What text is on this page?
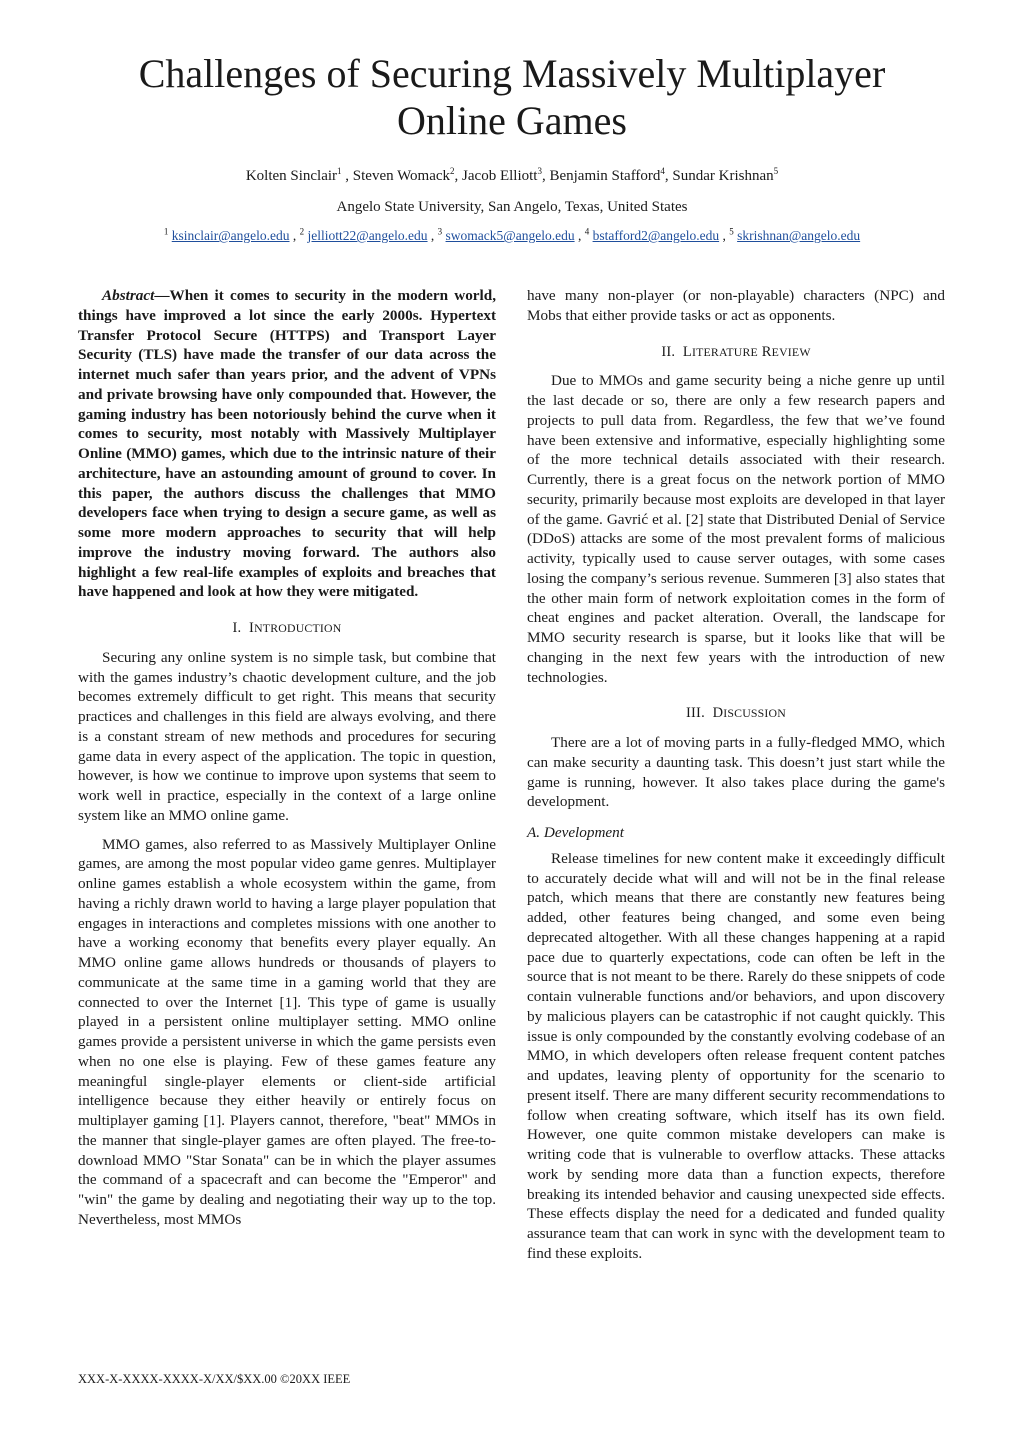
Challenges of Securing Massively Multiplayer Online Games
Kolten Sinclair$^1$ , Steven Womack$^2$, Jacob Elliott$^3$, Benjamin Stafford$^4$, Sundar Krishnan$^5$
Angelo State University, San Angelo, Texas, United States
$^1$ ksinclair@angelo.edu , $^2$ jelliott22@angelo.edu , $^3$ swomack5@angelo.edu , $^4$ bstafford2@angelo.edu , $^5$ skrishnan@angelo.edu

Abstract—When it comes to security in the modern world, things have improved a lot since the early 2000s. Hypertext Transfer Protocol Secure (HTTPS) and Transport Layer Security (TLS) have made the transfer of our data across the internet much safer than years prior, and the advent of VPNs and private browsing have only compounded that. However, the gaming industry has been notoriously behind the curve when it comes to security, most notably with Massively Multiplayer Online (MMO) games, which due to the intrinsic nature of their architecture, have an astounding amount of ground to cover. In this paper, the authors discuss the challenges that MMO developers face when trying to design a secure game, as well as some more modern approaches to security that will help improve the industry moving forward. The authors also highlight a few real-life examples of exploits and breaches that have happened and look at how they were mitigated.

I. INTRODUCTION

Securing any online system is no simple task, but combine that with the games industry’s chaotic development culture, and the job becomes extremely difficult to get right. This means that security practices and challenges in this field are always evolving, and there is a constant stream of new methods and procedures for securing game data in every aspect of the application. The topic in question, however, is how we continue to improve upon systems that seem to work well in practice, especially in the context of a large online system like an MMO online game.

MMO games, also referred to as Massively Multiplayer Online games, are among the most popular video game genres. Multiplayer online games establish a whole ecosystem within the game, from having a richly drawn world to having a large player population that engages in interactions and completes missions with one another to have a working economy that benefits every player equally. An MMO online game allows hundreds or thousands of players to communicate at the same time in a gaming world that they are connected to over the Internet [1]. This type of game is usually played in a persistent online multiplayer setting. MMO online games provide a persistent universe in which the game persists even when no one else is playing. Few of these games feature any meaningful single-player elements or client-side artificial intelligence because they either heavily or entirely focus on multiplayer gaming [1]. Players cannot, therefore, "beat" MMOs in the manner that single-player games are often played. The free-to-download MMO "Star Sonata" can be in which the player assumes the command of a spacecraft and can become the "Emperor" and "win" the game by dealing and negotiating their way up to the top. Nevertheless, most MMOs

have many non-player (or non-playable) characters (NPC) and Mobs that either provide tasks or act as opponents.

II. LITERATURE REVIEW

Due to MMOs and game security being a niche genre up until the last decade or so, there are only a few research papers and projects to pull data from. Regardless, the few that we’ve found have been extensive and informative, especially highlighting some of the more technical details associated with their research. Currently, there is a great focus on the network portion of MMO security, primarily because most exploits are developed in that layer of the game. Gavrić et al. [2] state that Distributed Denial of Service (DDoS) attacks are some of the most prevalent forms of malicious activity, typically used to cause server outages, with some cases losing the company’s serious revenue. Summeren [3] also states that the other main form of network exploitation comes in the form of cheat engines and packet alteration. Overall, the landscape for MMO security research is sparse, but it looks like that will be changing in the next few years with the introduction of new technologies.

III. DISCUSSION

There are a lot of moving parts in a fully-fledged MMO, which can make security a daunting task. This doesn’t just start while the game is running, however. It also takes place during the game's development.

A. Development

Release timelines for new content make it exceedingly difficult to accurately decide what will and will not be in the final release patch, which means that there are constantly new features being added, other features being changed, and some even being deprecated altogether. With all these changes happening at a rapid pace due to quarterly expectations, code can often be left in the source that is not meant to be there. Rarely do these snippets of code contain vulnerable functions and/or behaviors, and upon discovery by malicious players can be catastrophic if not caught quickly. This issue is only compounded by the constantly evolving codebase of an MMO, in which developers often release frequent content patches and updates, leaving plenty of opportunity for the scenario to present itself. There are many different security recommendations to follow when creating software, which itself has its own field. However, one quite common mistake developers can make is writing code that is vulnerable to overflow attacks. These attacks work by sending more data than a function expects, therefore breaking its intended behavior and causing unexpected side effects. These effects display the need for a dedicated and funded quality assurance team that can work in sync with the development team to find these exploits.

XXX-X-XXXX-XXXX-X/XX/$XX.00 ©20XX IEEE
